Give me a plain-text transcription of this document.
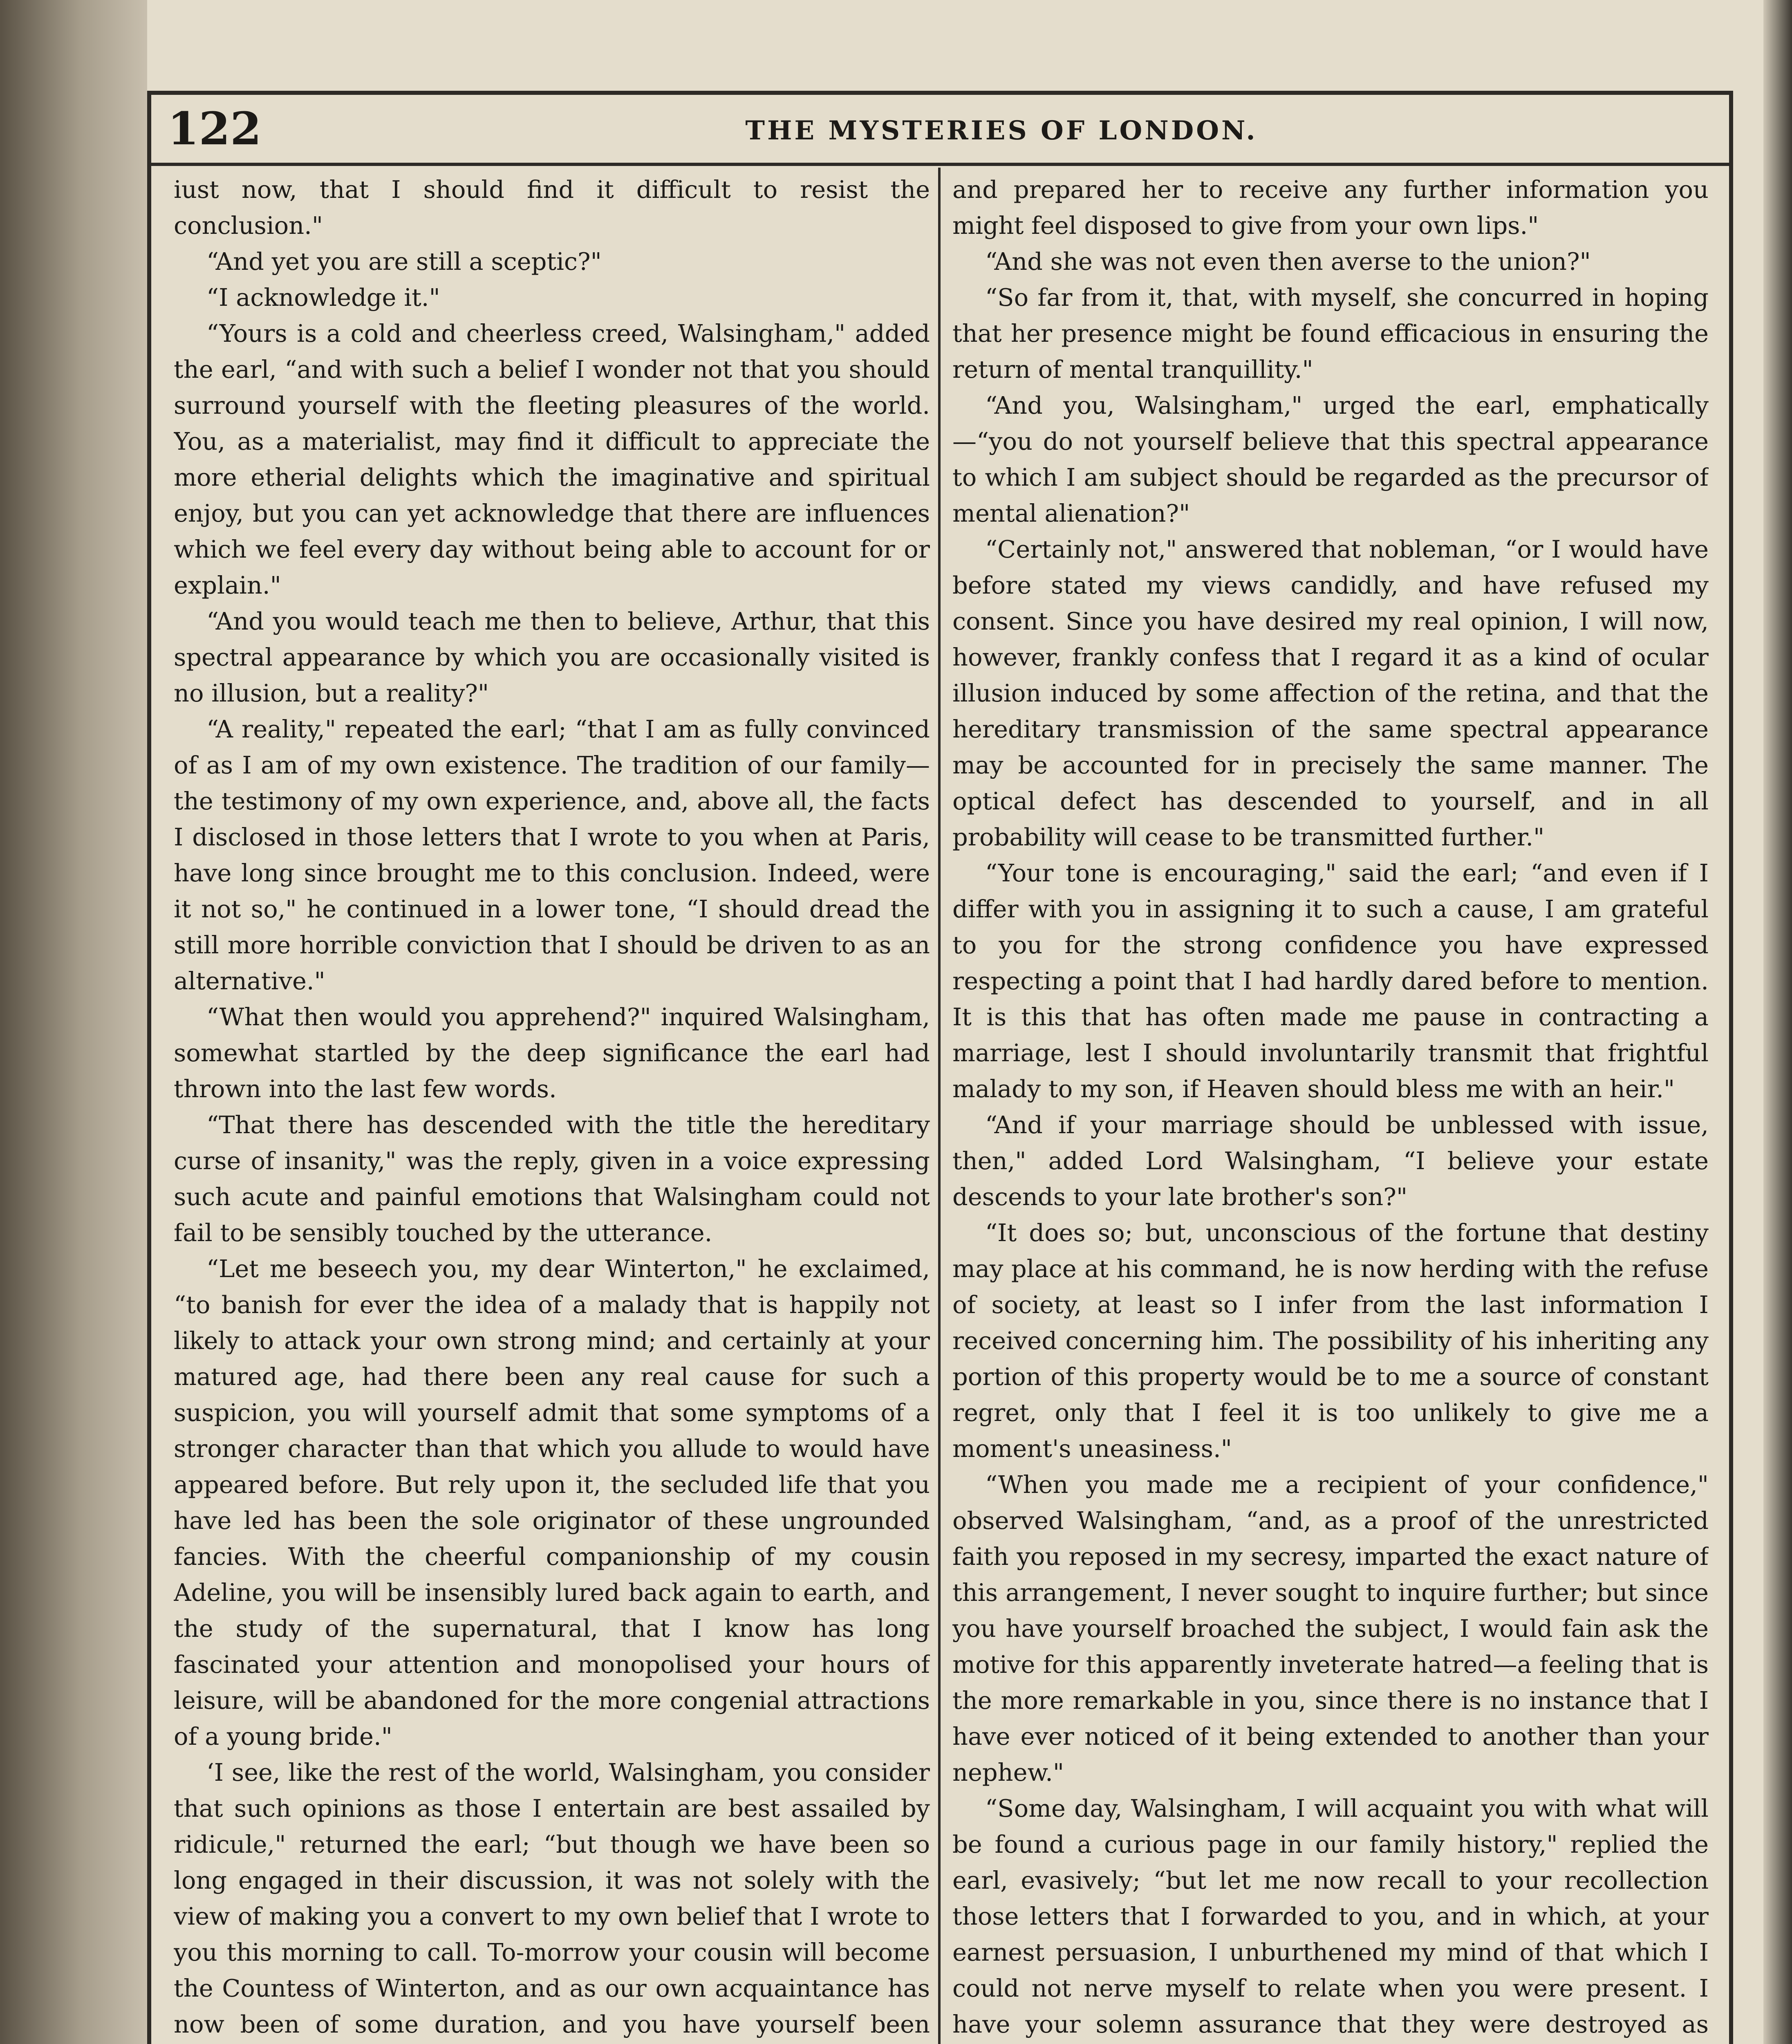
122	THE MYSTERIES OF LONDON.

iust now, that I should find it difficult to resist the conclusion."

“And yet you are still a sceptic?"

“I acknowledge it."

“Yours is a cold and cheerless creed, Walsingham," added the earl, “and with such a belief I wonder not that you should surround yourself with the fleeting pleasures of the world. You, as a materialist, may find it difficult to appreciate the more etherial delights which the imaginative and spiritual enjoy, but you can yet acknowledge that there are influences which we feel every day without being able to account for or explain."

“And you would teach me then to believe, Arthur, that this spectral appearance by which you are occasionally visited is no illusion, but a reality?"

“A reality," repeated the earl; “that I am as fully convinced of as I am of my own existence. The tradition of our family—the testimony of my own experience, and, above all, the facts I disclosed in those letters that I wrote to you when at Paris, have long since brought me to this conclusion. Indeed, were it not so," he continued in a lower tone, “I should dread the still more horrible conviction that I should be driven to as an alternative."

“What then would you apprehend?" inquired Walsingham, somewhat startled by the deep significance the earl had thrown into the last few words.

“That there has descended with the title the hereditary curse of insanity," was the reply, given in a voice expressing such acute and painful emotions that Walsingham could not fail to be sensibly touched by the utterance.

“Let me beseech you, my dear Winterton," he exclaimed, “to banish for ever the idea of a malady that is happily not likely to attack your own strong mind; and certainly at your matured age, had there been any real cause for such a suspicion, you will yourself admit that some symptoms of a stronger character than that which you allude to would have appeared before. But rely upon it, the secluded life that you have led has been the sole originator of these ungrounded fancies. With the cheerful companionship of my cousin Adeline, you will be insensibly lured back again to earth, and the study of the supernatural, that I know has long fascinated your attention and monopolised your hours of leisure, will be abandoned for the more congenial attractions of a young bride."

‘I see, like the rest of the world, Walsingham, you consider that such opinions as those I entertain are best assailed by ridicule," returned the earl; “but though we have been so long engaged in their discussion, it was not solely with the view of making you a convert to my own belief that I wrote to you this morning to call. To-morrow your cousin will become the Countess of Winterton, and as our own acquaintance has now been of some duration, and you have yourself been

and prepared her to receive any further information you might feel disposed to give from your own lips."

“And she was not even then averse to the union?"

“So far from it, that, with myself, she concurred in hoping that her presence might be found efficacious in ensuring the return of mental tranquillity."

“And you, Walsingham," urged the earl, emphatically—“you do not yourself believe that this spectral appearance to which I am subject should be regarded as the precursor of mental alienation?"

“Certainly not," answered that nobleman, “or I would have before stated my views candidly, and have refused my consent. Since you have desired my real opinion, I will now, however, frankly confess that I regard it as a kind of ocular illusion induced by some affection of the retina, and that the hereditary transmission of the same spectral appearance may be accounted for in precisely the same manner. The optical defect has descended to yourself, and in all probability will cease to be transmitted further."

“Your tone is encouraging," said the earl; “and even if I differ with you in assigning it to such a cause, I am grateful to you for the strong confidence you have expressed respecting a point that I had hardly dared before to mention. It is this that has often made me pause in contracting a marriage, lest I should involuntarily transmit that frightful malady to my son, if Heaven should bless me with an heir."

“And if your marriage should be unblessed with issue, then," added Lord Walsingham, “I believe your estate descends to your late brother's son?"

“It does so; but, unconscious of the fortune that destiny may place at his command, he is now herding with the refuse of society, at least so I infer from the last information I received concerning him. The possibility of his inheriting any portion of this property would be to me a source of constant regret, only that I feel it is too unlikely to give me a moment's uneasiness."

“When you made me a recipient of your confidence," observed Walsingham, “and, as a proof of the unrestricted faith you reposed in my secresy, imparted the exact nature of this arrangement, I never sought to inquire further; but since you have yourself broached the subject, I would fain ask the motive for this apparently inveterate hatred—a feeling that is the more remarkable in you, since there is no instance that I have ever noticed of it being extended to another than your nephew."

“Some day, Walsingham, I will acquaint you with what will be found a curious page in our family history," replied the earl, evasively; “but let me now recall to your recollection those letters that I forwarded to you, and in which, at your earnest persuasion, I unburthened my mind of that which I could not nerve myself to relate when you were present. I have your solemn assurance that they were destroyed as
